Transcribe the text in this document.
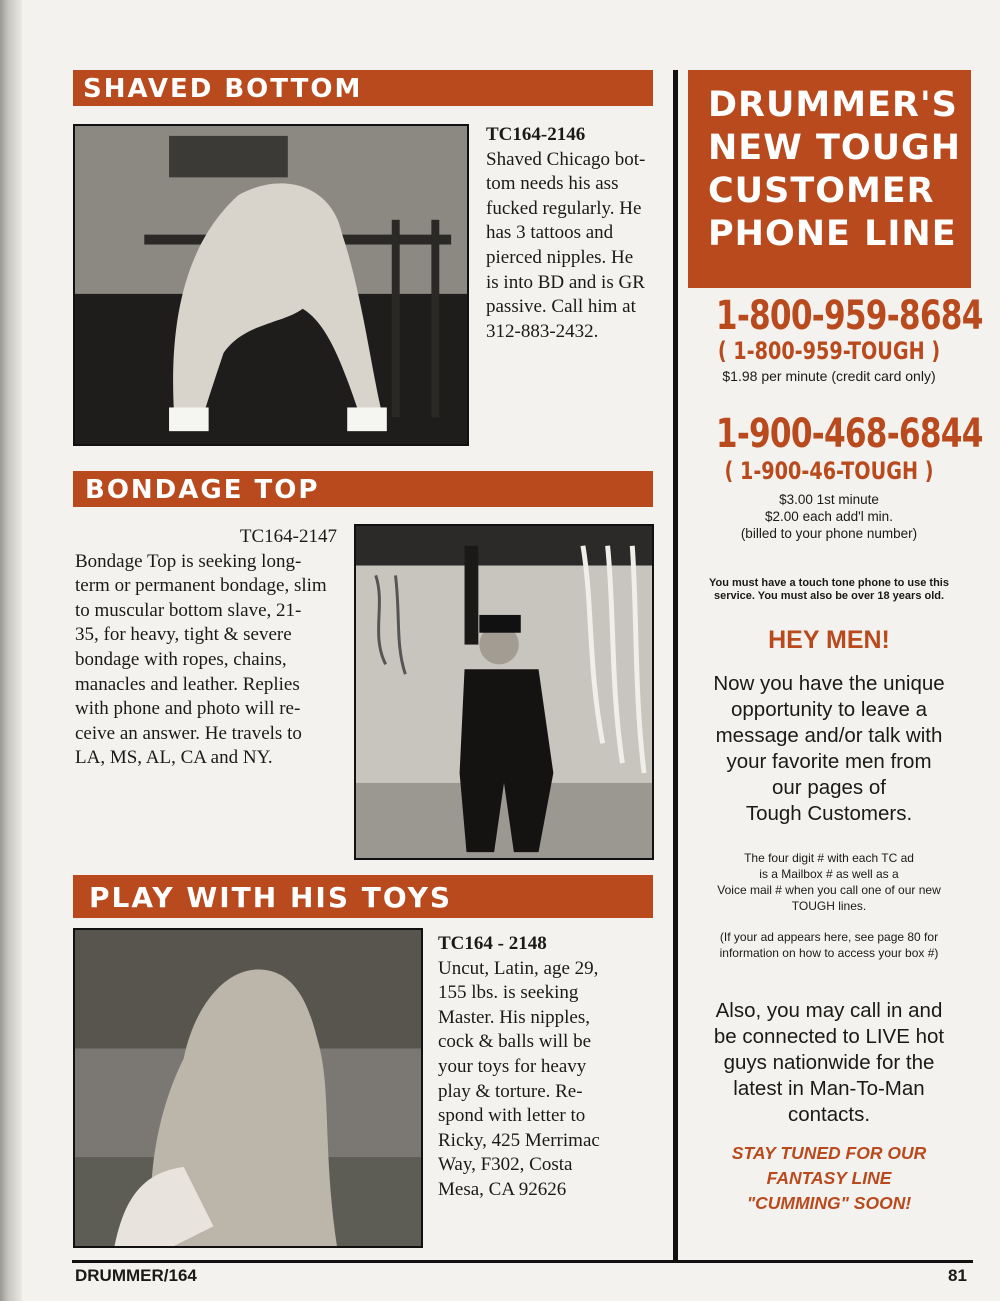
SHAVED BOTTOM
TC164-2146
Shaved Chicago bot-
tom needs his ass
fucked regularly. He
has 3 tattoos and
pierced nipples. He
is into BD and is GR
passive. Call him at
312-883-2432.
BONDAGE TOP
TC164-2147
Bondage Top is seeking long-
term or permanent bondage, slim
to muscular bottom slave, 21-
35, for heavy, tight & severe
bondage with ropes, chains,
manacles and leather. Replies
with phone and photo will re-
ceive an answer. He travels to
LA, MS, AL, CA and NY.
PLAY WITH HIS TOYS
TC164 - 2148
Uncut, Latin, age 29,
155 lbs. is seeking
Master. His nipples,
cock & balls will be
your toys for heavy
play & torture. Re-
spond with letter to
Ricky, 425 Merrimac
Way, F302, Costa
Mesa, CA 92626
DRUMMER'S
NEW TOUGH
CUSTOMER
PHONE LINE
1-800-959-8684
( 1-800-959-TOUGH )
$1.98 per minute (credit card only)
1-900-468-6844
( 1-900-46-TOUGH )
$3.00 1st minute
$2.00 each add'l min.
(billed to your phone number)
You must have a touch tone phone to use this
service. You must also be over 18 years old.
HEY MEN!
Now you have the unique
opportunity to leave a
message and/or talk with
your favorite men from
our pages of
Tough Customers.
The four digit # with each TC ad
is a Mailbox # as well as a
Voice mail # when you call one of our new
TOUGH lines.
(If your ad appears here, see page 80 for
information on how to access your box #)
Also, you may call in and
be connected to LIVE hot
guys nationwide for the
latest in Man-To-Man
contacts.
STAY TUNED FOR OUR
FANTASY LINE
"CUMMING" SOON!
DRUMMER/164	81
